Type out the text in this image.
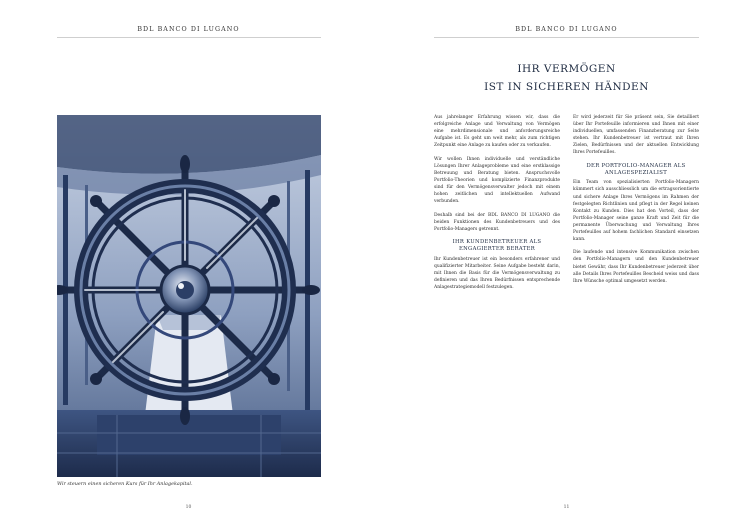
BDL BANCO DI LUGANO
Wir steuern einen sicheren Kurs für Ihr Anlagekapital.
10
BDL BANCO DI LUGANO
IHR VERMÖGEN
IST IN SICHEREN HÄNDEN

Aus jahrelanger Erfahrung wissen wir, dass die erfolgreiche Anlage und Verwaltung von Vermögen eine mehrdimensionale und anforderungsreiche Aufgabe ist. Es geht um weit mehr, als zum richtigen Zeitpunkt eine Anlage zu kaufen oder zu verkaufen.

Wir wollen Ihnen individuelle und verständliche Lösungen Ihrer Anlageprobleme und eine erstklassige Betreuung und Beratung bieten. Anspruchsvolle Portfolio-Theorien und komplizierte Finanzprodukte sind für den Vermögensverwalter jedoch mit einem hohen zeitlichen und intellektuellen Aufwand verbunden.

Deshalb sind bei der BDL BANCO DI LUGANO die beiden Funktionen des Kundenbetreuers und des Portfolio-Managers getrennt.

IHR KUNDENBETREUER ALS
ENGAGIERTER BERATER

Ihr Kundenbetreuer ist ein besonders erfahrener und qualifizierter Mitarbeiter. Seine Aufgabe besteht darin, mit Ihnen die Basis für die Vermögensverwaltung zu definieren und das Ihren Bedürfnissen entsprechende Anlagestrategiemodell festzulegen.

Er wird jederzeit für Sie präsent sein, Sie detailliert über Ihr Portefeuille informieren und Ihnen mit einer individuellen, umfassenden Finanzberatung zur Seite stehen. Ihr Kundenbetreuer ist vertraut mit Ihren Zielen, Bedürfnissen und der aktuellen Entwicklung Ihres Portefeuilles.

DER PORTFOLIO-MANAGER ALS
ANLAGESPEZIALIST

Ein Team von spezialisierten Portfolio-Managern kümmert sich ausschliesslich um die ertragsorientierte und sichere Anlage Ihres Vermögens im Rahmen der festgelegten Richtlinien und pflegt in der Regel keinen Kontakt zu Kunden. Dies hat den Vorteil, dass der Portfolio-Manager seine ganze Kraft und Zeit für die permanente Überwachung und Verwaltung Ihres Portefeuilles auf hohem fachlichen Standard einsetzen kann.

Die laufende und intensive Kommunikation zwischen den Portfolio-Managern und den Kundenbetreuer bietet Gewähr, dass Ihr Kundenbetreuer jederzeit über alle Details Ihres Portefeuilles Bescheid weiss und dass Ihre Wünsche optimal umgesetzt werden.

11
